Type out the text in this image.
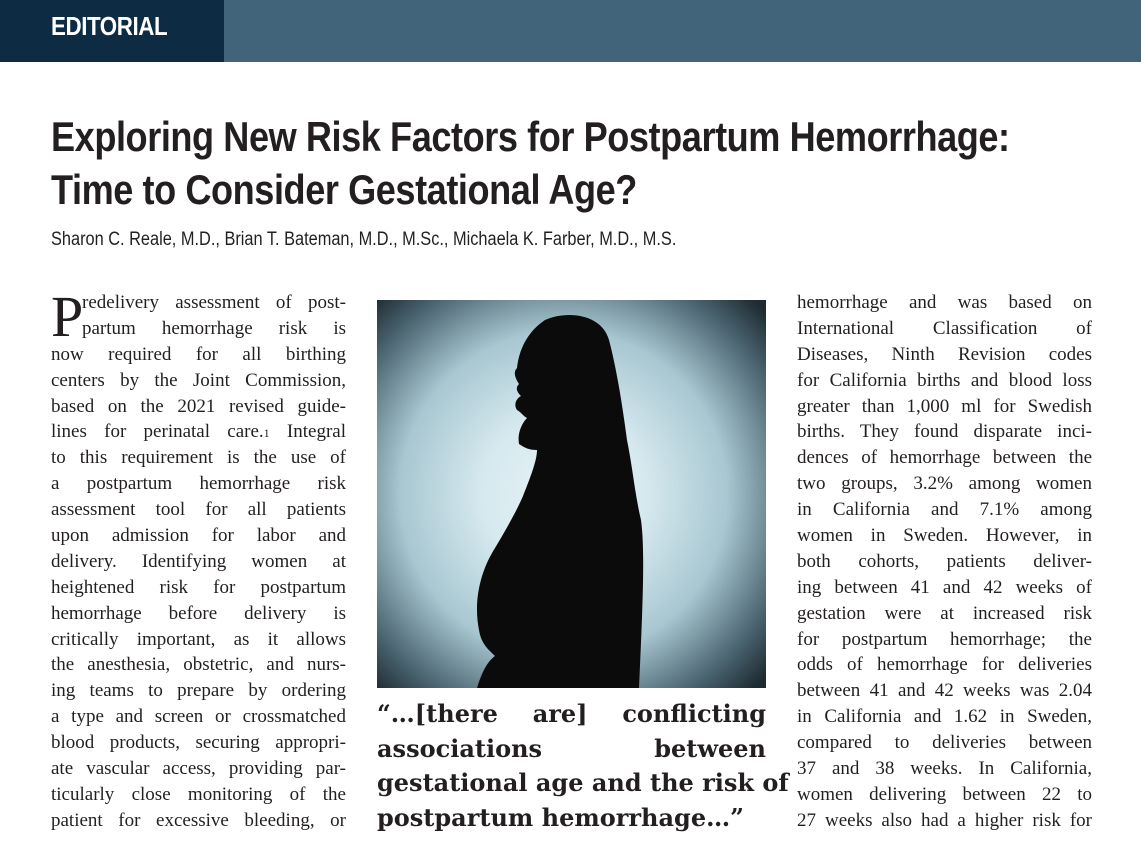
EDITORIAL
Exploring New Risk Factors for Postpartum Hemorrhage:
Time to Consider Gestational Age?
Sharon C. Reale, M.D., Brian T. Bateman, M.D., M.Sc., Michaela K. Farber, M.D., M.S.
P
redelivery assessment of post-
partum hemorrhage risk is
now required for all birthing
centers by the Joint Commission,
based on the 2021 revised guide-
lines for perinatal care.$^1$ Integral
to this requirement is the use of
a postpartum hemorrhage risk
assessment tool for all patients
upon admission for labor and
delivery. Identifying women at
heightened risk for postpartum
hemorrhage before delivery is
critically important, as it allows
the anesthesia, obstetric, and nurs-
ing teams to prepare by ordering
a type and screen or crossmatched
blood products, securing appropri-
ate vascular access, providing par-
ticularly close monitoring of the
patient for excessive bleeding, or
“…[there are] conflicting
associations between
gestational age and the risk of
postpartum hemorrhage…”
hemorrhage and was based on
International Classification of
Diseases, Ninth Revision codes
for California births and blood loss
greater than 1,000 ml for Swedish
births. They found disparate inci-
dences of hemorrhage between the
two groups, 3.2% among women
in California and 7.1% among
women in Sweden. However, in
both cohorts, patients deliver-
ing between 41 and 42 weeks of
gestation were at increased risk
for postpartum hemorrhage; the
odds of hemorrhage for deliveries
between 41 and 42 weeks was 2.04
in California and 1.62 in Sweden,
compared to deliveries between
37 and 38 weeks. In California,
women delivering between 22 to
27 weeks also had a higher risk for
